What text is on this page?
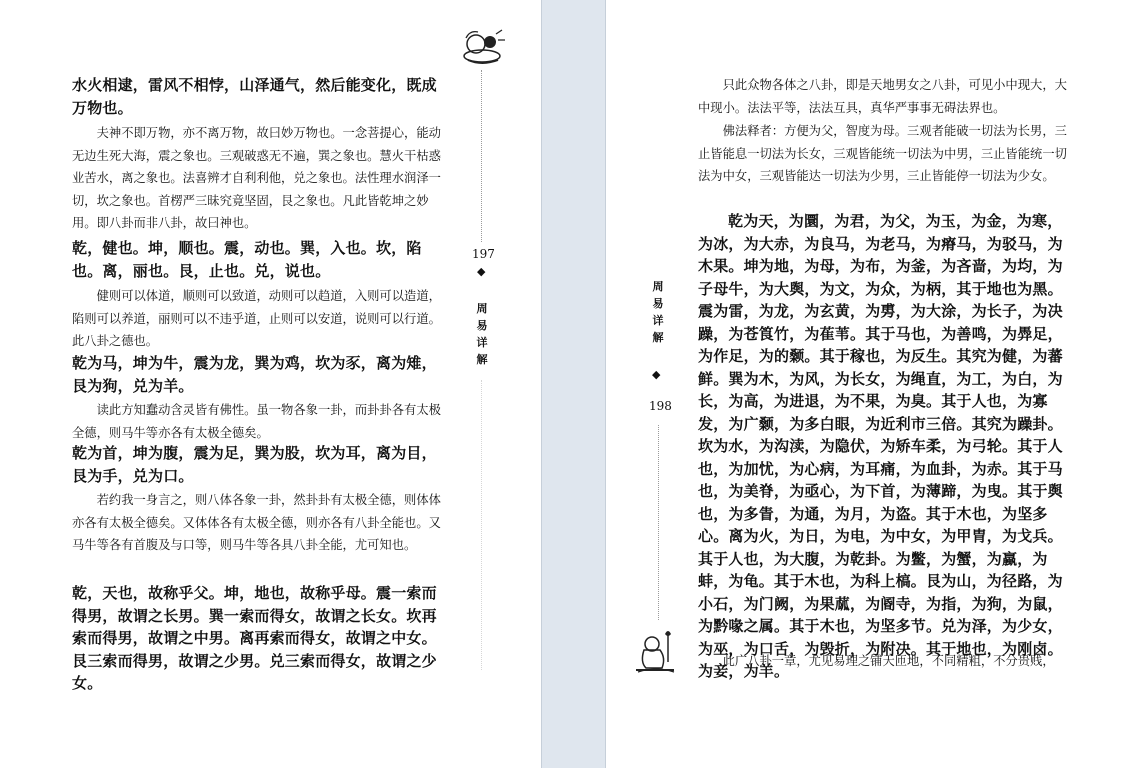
197
◆
周
易
详
解

水火相逮，雷风不相悖，山泽通气，然后能变化，既成万物也。

夫神不即万物，亦不离万物，故曰妙万物也。一念菩提心，能动无边生死大海，震之象也。三观破惑无不遍，巽之象也。慧火干枯惑业苦水，离之象也。法喜辨才自利利他，兑之象也。法性理水润泽一切，坎之象也。首楞严三昧究竟坚固，艮之象也。凡此皆乾坤之妙用。即八卦而非八卦，故曰神也。

乾，健也。坤，顺也。震，动也。巽，入也。坎，陷也。离，丽也。艮，止也。兑，说也。

健则可以体道，顺则可以致道，动则可以趋道，入则可以造道，陷则可以养道，丽则可以不违乎道，止则可以安道，说则可以行道。此八卦之德也。

乾为马，坤为牛，震为龙，巽为鸡，坎为豕，离为雉，艮为狗，兑为羊。

读此方知蠢动含灵皆有佛性。虽一物各象一卦，而卦卦各有太极全德，则马牛等亦各有太极全德矣。

乾为首，坤为腹，震为足，巽为股，坎为耳，离为目，艮为手，兑为口。

若约我一身言之，则八体各象一卦，然卦卦有太极全德，则体体亦各有太极全德矣。又体体各有太极全德，则亦各有八卦全能也。又马牛等各有首腹及与口等，则马牛等各具八卦全能，尤可知也。

乾，天也，故称乎父。坤，地也，故称乎母。震一索而得男，故谓之长男。巽一索而得女，故谓之长女。坎再索而得男，故谓之中男。离再索而得女，故谓之中女。艮三索而得男，故谓之少男。兑三索而得女，故谓之少女。

周
易
详
解
◆
198

只此众物各体之八卦，即是天地男女之八卦，可见小中现大，大中现小。法法平等，法法互具，真华严事事无碍法界也。

佛法释者：方便为父，智度为母。三观者能破一切法为长男，三止皆能息一切法为长女，三观皆能统一切法为中男，三止皆能统一切法为中女，三观皆能达一切法为少男，三止皆能停一切法为少女。

乾为天，为圜，为君，为父，为玉，为金，为寒，为冰，为大赤，为良马，为老马，为瘠马，为驳马，为木果。坤为地，为母，为布，为釜，为吝啬，为均，为子母牛，为大舆，为文，为众，为柄，其于地也为黑。震为雷，为龙，为玄黄，为旉，为大涂，为长子，为决躁，为苍筤竹，为萑苇。其于马也，为善鸣，为馵足，为作足，为的颡。其于稼也，为反生。其究为健，为蕃鲜。巽为木，为风，为长女，为绳直，为工，为白，为长，为高，为进退，为不果，为臭。其于人也，为寡发，为广颡，为多白眼，为近利市三倍。其究为躁卦。坎为水，为沟渎，为隐伏，为矫车柔，为弓轮。其于人也，为加忧，为心病，为耳痛，为血卦，为赤。其于马也，为美脊，为亟心，为下首，为薄蹄，为曳。其于舆也，为多眚，为通，为月，为盗。其于木也，为坚多心。离为火，为日，为电，为中女，为甲胄，为戈兵。其于人也，为大腹，为乾卦。为鳖，为蟹，为蠃，为蚌，为龟。其于木也，为科上槁。艮为山，为径路，为小石，为门阙，为果蓏，为阍寺，为指，为狗，为鼠，为黔喙之属。其于木也，为坚多节。兑为泽，为少女，为巫，为口舌，为毁折，为附决。其于地也，为刚卤。为妾，为羊。

此广八卦一章，尤见易理之铺天匝地，不同精粗，不分贵贱，
